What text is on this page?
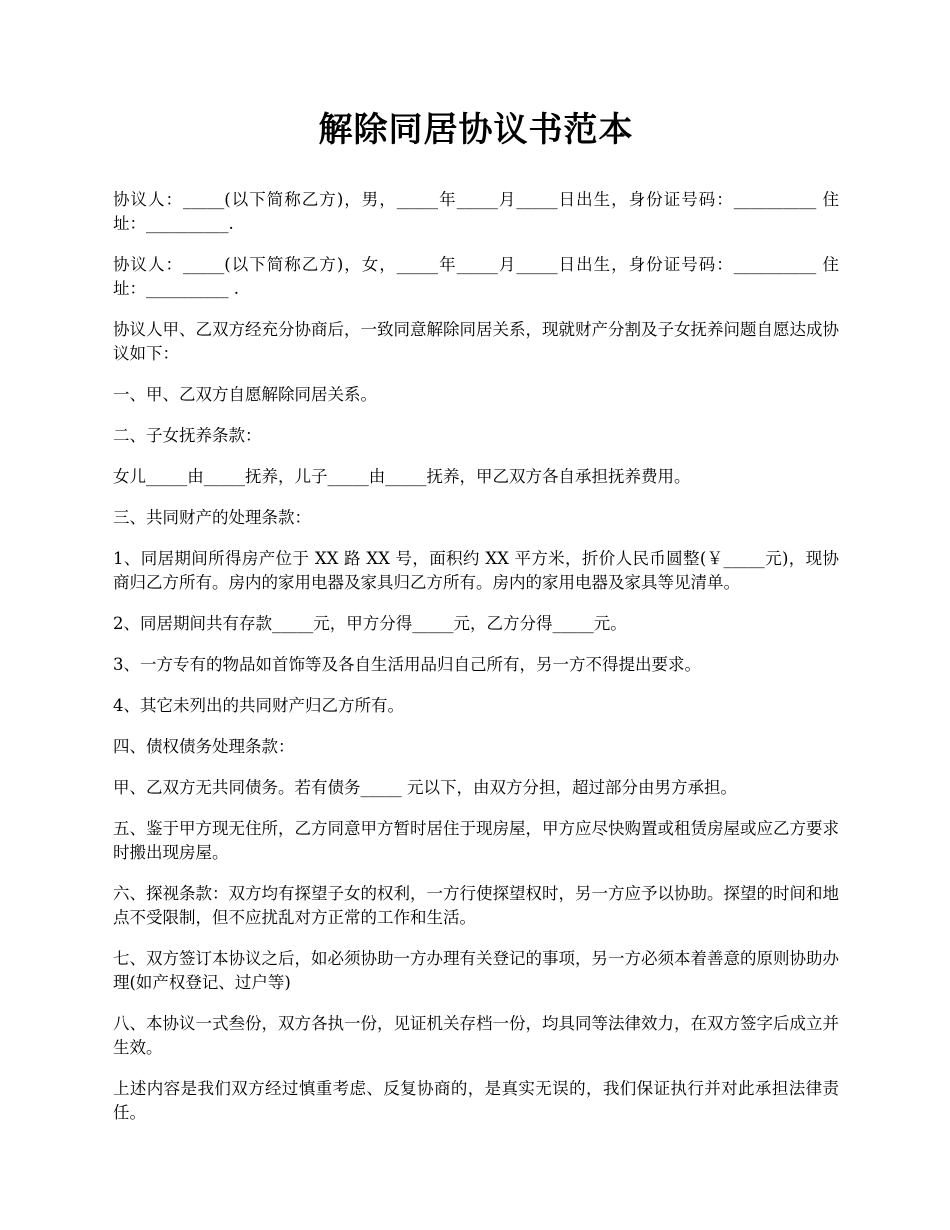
解除同居协议书范本

协议人：_____(以下简称乙方)，男，_____年_____月_____日出生，身份证号码：__________ 住址：__________.

协议人：_____(以下简称乙方)，女，_____年_____月_____日出生，身份证号码：__________ 住址：__________ .

协议人甲、乙双方经充分协商后，一致同意解除同居关系，现就财产分割及子女抚养问题自愿达成协议如下：

一、甲、乙双方自愿解除同居关系。

二、子女抚养条款：

女儿_____由_____抚养，儿子_____由_____抚养，甲乙双方各自承担抚养费用。

三、共同财产的处理条款：

1、同居期间所得房产位于 XX 路 XX 号，面积约 XX 平方米，折价人民币圆整(￥_____元)，现协商归乙方所有。房内的家用电器及家具归乙方所有。房内的家用电器及家具等见清单。

2、同居期间共有存款_____元，甲方分得_____元，乙方分得_____元。

3、一方专有的物品如首饰等及各自生活用品归自己所有，另一方不得提出要求。

4、其它未列出的共同财产归乙方所有。

四、债权债务处理条款：

甲、乙双方无共同债务。若有债务_____ 元以下，由双方分担，超过部分由男方承担。

五、鉴于甲方现无住所，乙方同意甲方暂时居住于现房屋，甲方应尽快购置或租赁房屋或应乙方要求时搬出现房屋。

六、探视条款：双方均有探望子女的权利，一方行使探望权时，另一方应予以协助。探望的时间和地点不受限制，但不应扰乱对方正常的工作和生活。

七、双方签订本协议之后，如必须协助一方办理有关登记的事项，另一方必须本着善意的原则协助办理(如产权登记、过户等)

八、本协议一式叁份，双方各执一份，见证机关存档一份，均具同等法律效力，在双方签字后成立并生效。

上述内容是我们双方经过慎重考虑、反复协商的，是真实无误的，我们保证执行并对此承担法律责任。
